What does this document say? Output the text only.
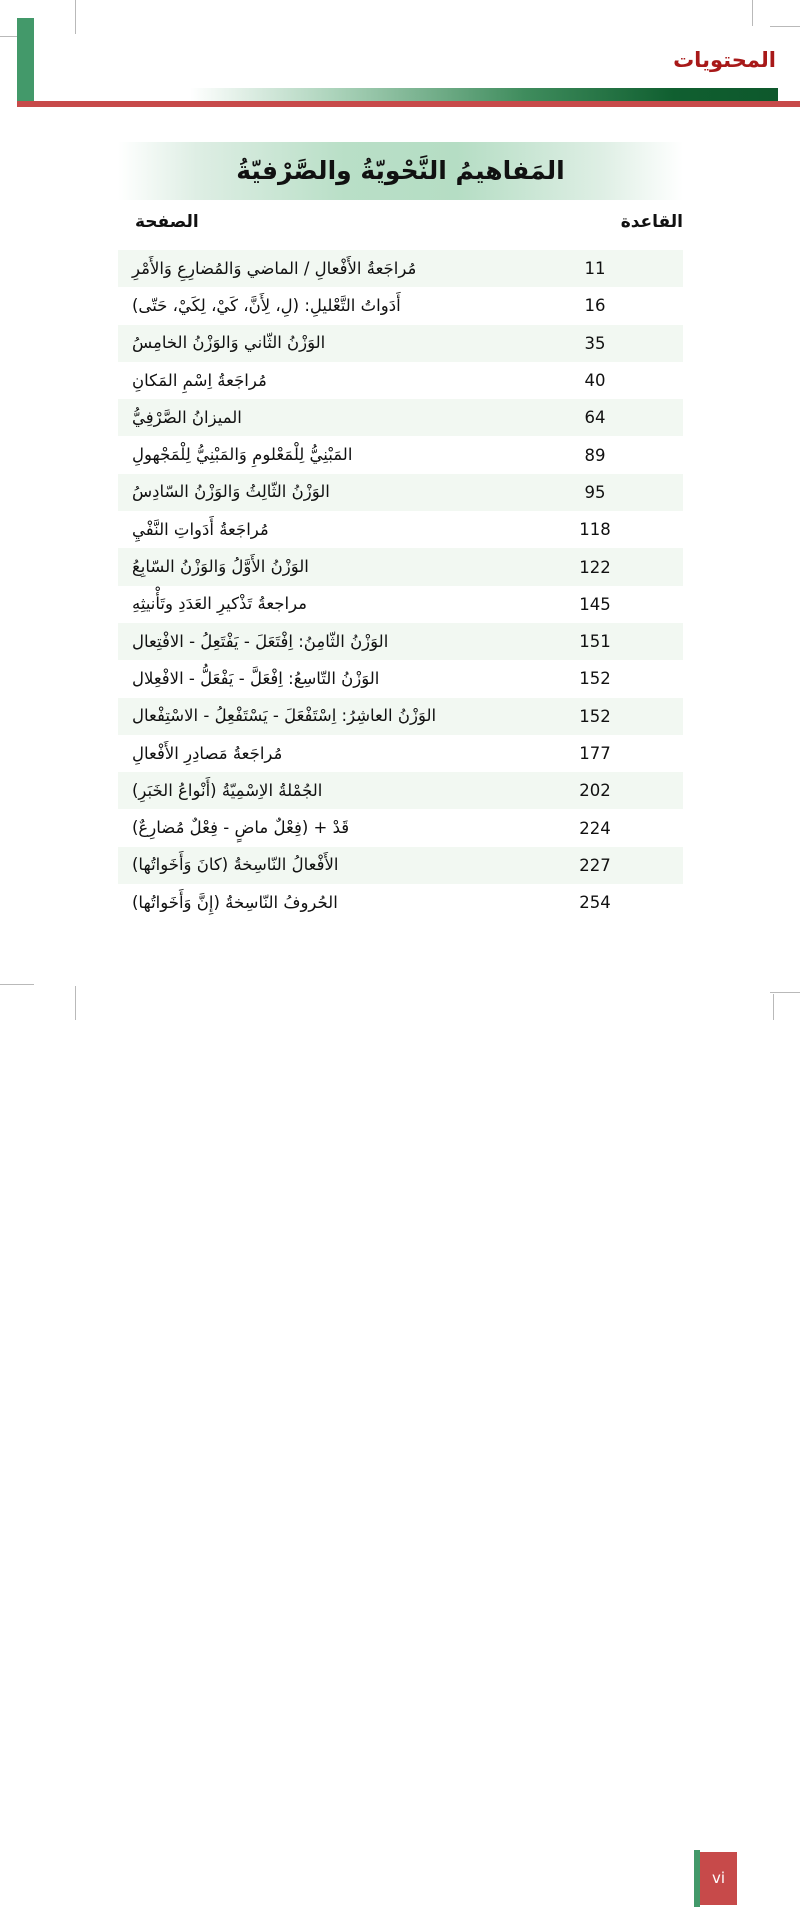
المحتويات
المَفاهيمُ النَّحْويّةُ والصَّرْفيّةُ
القاعدة
الصفحة
مُراجَعةُ الأَفْعالِ / الماضي وَالمُضارِعِ وَالأَمْرِ	11
أَدَواتُ التَّعْليلِ: (لِ، لِأَنَّ، كَيْ، لِكَيْ، حَتّى)	16
الوَزْنُ الثّاني وَالوَزْنُ الخامِسُ	35
مُراجَعةُ اِسْمِ المَكانِ	40
الميزانُ الصَّرْفِيُّ	64
المَبْنِيُّ لِلْمَعْلومِ وَالمَبْنِيُّ لِلْمَجْهولِ	89
الوَزْنُ الثّالِثُ وَالوَزْنُ السّادِسُ	95
مُراجَعةُ أَدَواتِ النَّفْيِ	118
الوَزْنُ الأَوَّلُ وَالوَزْنُ السّابِعُ	122
مراجعةُ تَذْكيرِ العَدَدِ وتَأْنيثِهِ	145
الوَزْنُ الثّامِنُ: اِفْتَعَلَ - يَفْتَعِلُ - الافْتِعال	151
الوَزْنُ التّاسِعُ: اِفْعَلَّ - يَفْعَلُّ - الافْعِلال	152
الوَزْنُ العاشِرُ: اِسْتَفْعَلَ - يَسْتَفْعِلُ - الاسْتِفْعال	152
مُراجَعةُ مَصادِرِ الأَفْعالِ	177
الجُمْلةُ الاِسْمِيّةُ (أَنْواعُ الخَبَرِ)	202
قَدْ + (فِعْلٌ ماضٍ - فِعْلٌ مُضارِعٌ)	224
الأَفْعالُ النّاسِخةُ (كانَ وَأَخَواتُها)	227
الحُروفُ النّاسِخةُ (إِنَّ وَأَخَواتُها)	254
vi
